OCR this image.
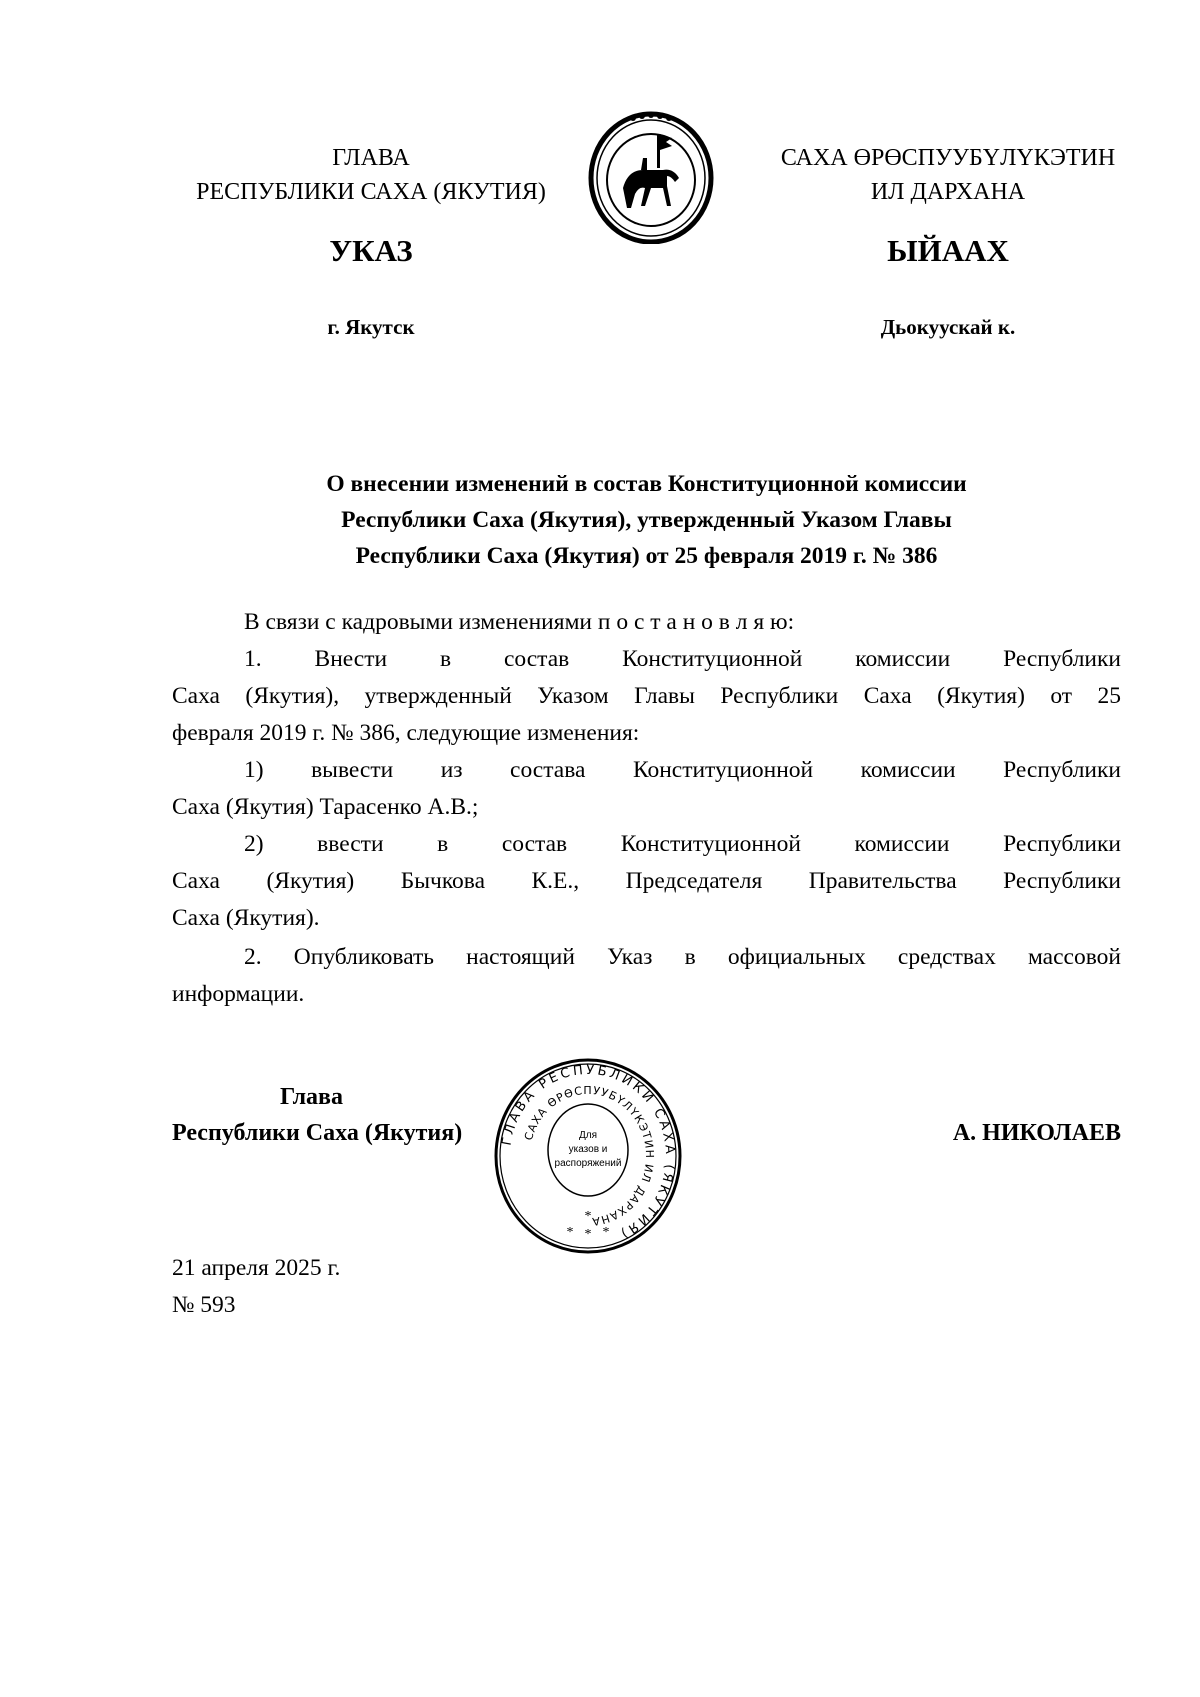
ГЛАВА
РЕСПУБЛИКИ САХА (ЯКУТИЯ)
САХА ӨРӨСПУУБҮЛҮКЭТИН
ИЛ ДАРХАНА
УКАЗ	ЫЙААХ
г. Якутск	Дьокуускай к.
О внесении изменений в состав Конституционной комиссии
Республики Саха (Якутия), утвержденный Указом Главы
Республики Саха (Якутия) от 25 февраля 2019 г. № 386
В связи с кадровыми изменениями п о с т а н о в л я ю:
1. Внести в состав Конституционной комиссии Республики
Саха (Якутия), утвержденный Указом Главы Республики Саха (Якутия) от 25
февраля 2019 г. № 386, следующие изменения:
1) вывести из состава Конституционной комиссии Республики
Саха (Якутия) Тарасенко А.В.;
2) ввести в состав Конституционной комиссии Республики
Саха (Якутия) Бычкова К.Е., Председателя Правительства Республики
Саха (Якутия).
2. Опубликовать настоящий Указ в официальных средствах массовой
информации.
Глава
Республики Саха (Якутия)	А. НИКОЛАЕВ
ГЛАВА РЕСПУБЛИКИ САХА (ЯКУТИЯ)
САХА ӨРӨСПУУБҮЛҮКЭТИН ИЛ ДАРХАНА
Для
указов и
распоряжений
*
* * *
21 апреля 2025 г.
№ 593
